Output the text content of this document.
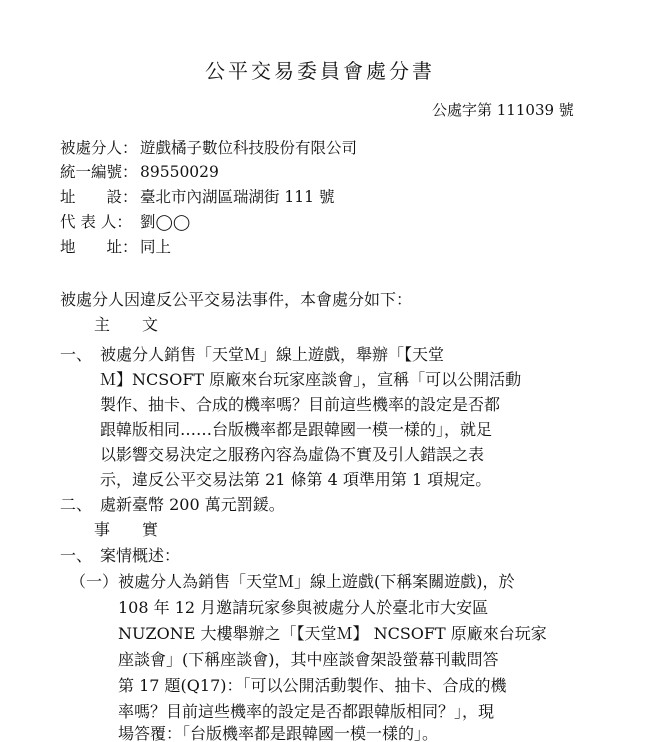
公平交易委員會處分書
公處字第 111039 號
被處分人： 遊戲橘子數位科技股份有限公司
統一編號： 89550029
址　　設： 臺北市內湖區瑞湖街 111 號
代 表 人： 劉◯◯
地　　址： 同上
被處分人因違反公平交易法事件，本會處分如下：
主　　文
一、 被處分人銷售「天堂Ｍ」線上遊戲，舉辦「【天堂
Ｍ】NCSOFT 原廠來台玩家座談會」，宣稱「可以公開活動
製作、抽卡、合成的機率嗎？目前這些機率的設定是否都
跟韓版相同……台版機率都是跟韓國一模一樣的」，就足
以影響交易決定之服務內容為虛偽不實及引人錯誤之表
示，違反公平交易法第 21 條第 4 項準用第 1 項規定。
二、 處新臺幣 200 萬元罰鍰。
事　　實
一、 案情概述：
（一） 被處分人為銷售「天堂Ｍ」線上遊戲(下稱案關遊戲)，於
108 年 12 月邀請玩家參與被處分人於臺北市大安區
NUZONE 大樓舉辦之「【天堂Ｍ】 NCSOFT 原廠來台玩家
座談會」(下稱座談會)，其中座談會架設螢幕刊載問答
第 17 題(Q17)：「可以公開活動製作、抽卡、合成的機
率嗎？目前這些機率的設定是否都跟韓版相同？」，現
場答覆：「台版機率都是跟韓國一模一樣的」。
